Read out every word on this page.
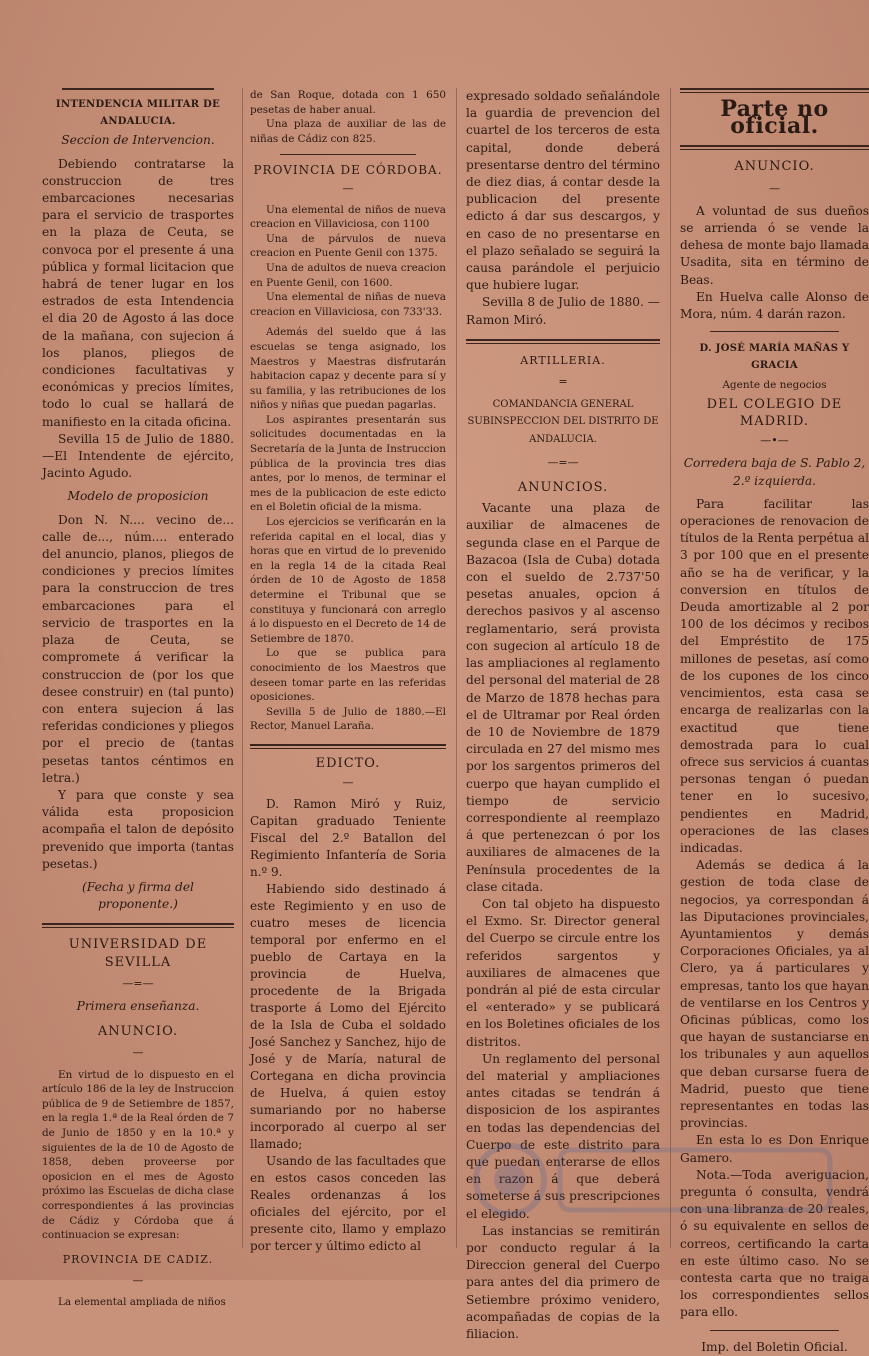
INTENDENCIA MILITAR DE ANDALUCIA.
Seccion de Intervencion.

Debiendo contratarse la construccion de tres embarcaciones necesarias para el servicio de trasportes en la plaza de Ceuta, se convoca por el presente á una pública y formal licitacion que habrá de tener lugar en los estrados de esta Intendencia el dia 20 de Agosto á las doce de la mañana, con sujecion á los planos, pliegos de condiciones facultativas y económicas y precios límites, todo lo cual se hallará de manifiesto en la citada oficina.

Sevilla 15 de Julio de 1880. —El Intendente de ejército, Jacinto Agudo.

Modelo de proposicion

Don N. N.... vecino de... calle de..., núm.... enterado del anuncio, planos, pliegos de condiciones y precios límites para la construccion de tres embarcaciones para el servicio de trasportes en la plaza de Ceuta, se compromete á verificar la construccion de (por los que desee construir) en (tal punto) con entera sujecion á las referidas condiciones y pliegos por el precio de (tantas pesetas tantos céntimos en letra.)

Y para que conste y sea válida esta proposicion acompaña el talon de depósito prevenido que importa (tantas pesetas.)

(Fecha y firma del proponente.)
UNIVERSIDAD DE SEVILLA
—=—
Primera enseñanza.
ANUNCIO.
—

En virtud de lo dispuesto en el artículo 186 de la ley de Instruccion pública de 9 de Setiembre de 1857, en la regla 1.ª de la Real órden de 7 de Junio de 1850 y en la 10.ª y siguientes de la de 10 de Agosto de 1858, deben proveerse por oposicion en el mes de Agosto próximo las Escuelas de dicha clase correspondientes á las provincias de Cádiz y Córdoba que á continuacion se expresan:

PROVINCIA DE CADIZ.
—

La elemental ampliada de niños

de San Roque, dotada con 1 650 pesetas de haber anual.

Una plaza de auxiliar de las de niñas de Cádiz con 825.

PROVINCIA DE CÓRDOBA.
—

Una elemental de niños de nueva creacion en Villaviciosa, con 1100

Una de párvulos de nueva creacion en Puente Genil con 1375.

Una de adultos de nueva creacion en Puente Genil, con 1600.

Una elemental de niñas de nueva creacion en Villaviciosa, con 733'33.

Además del sueldo que á las escuelas se tenga asignado, los Maestros y Maestras disfrutarán habitacion capaz y decente para sí y su familia, y las retribuciones de los niños y niñas que puedan pagarlas.

Los aspirantes presentarán sus solicitudes documentadas en la Secretaría de la Junta de Instruccion pública de la provincia tres dias antes, por lo menos, de terminar el mes de la publicacion de este edicto en el Boletin oficial de la misma.

Los ejercicios se verificarán en la referida capital en el local, dias y horas que en virtud de lo prevenido en la regla 14 de la citada Real órden de 10 de Agosto de 1858 determine el Tribunal que se constituya y funcionará con arreglo á lo dispuesto en el Decreto de 14 de Setiembre de 1870.

Lo que se publica para conocimiento de los Maestros que deseen tomar parte en las referidas oposiciones.

Sevilla 5 de Julio de 1880.—El Rector, Manuel Laraña.

EDICTO.
—

D. Ramon Miró y Ruiz, Capitan graduado Teniente Fiscal del 2.º Batallon del Regimiento Infantería de Soria n.º 9.

Habiendo sido destinado á este Regimiento y en uso de cuatro meses de licencia temporal por enfermo en el pueblo de Cartaya en la provincia de Huelva, procedente de la Brigada trasporte á Lomo del Ejército de la Isla de Cuba el soldado José Sanchez y Sanchez, hijo de José y de María, natural de Cortegana en dicha provincia de Huelva, á quien estoy sumariando por no haberse incorporado al cuerpo al ser llamado;

Usando de las facultades que en estos casos conceden las Reales ordenanzas á los oficiales del ejército, por el presente cito, llamo y emplazo por tercer y último edicto al

expresado soldado señalándole la guardia de prevencion del cuartel de los terceros de esta capital, donde deberá presentarse dentro del término de diez dias, á contar desde la publicacion del presente edicto á dar sus descargos, y en caso de no presentarse en el plazo señalado se seguirá la causa parándole el perjuicio que hubiere lugar.

Sevilla 8 de Julio de 1880. —Ramon Miró.

ARTILLERIA.
=
COMANDANCIA GENERAL SUBINSPECCION DEL DISTRITO DE ANDALUCIA.
—=—
ANUNCIOS.

Vacante una plaza de auxiliar de almacenes de segunda clase en el Parque de Bazacoa (Isla de Cuba) dotada con el sueldo de 2.737'50 pesetas anuales, opcion á derechos pasivos y al ascenso reglamentario, será provista con sugecion al artículo 18 de las ampliaciones al reglamento del personal del material de 28 de Marzo de 1878 hechas para el de Ultramar por Real órden de 10 de Noviembre de 1879 circulada en 27 del mismo mes por los sargentos primeros del cuerpo que hayan cumplido el tiempo de servicio correspondiente al reemplazo á que pertenezcan ó por los auxiliares de almacenes de la Península procedentes de la clase citada.

Con tal objeto ha dispuesto el Exmo. Sr. Director general del Cuerpo se circule entre los referidos sargentos y auxiliares de almacenes que pondrán al pié de esta circular el «enterado» y se publicará en los Boletines oficiales de los distritos.

Un reglamento del personal del material y ampliaciones antes citadas se tendrán á disposicion de los aspirantes en todas las dependencias del Cuerpo de este distrito para que puedan enterarse de ellos en razon á que deberá someterse á sus prescripciones el elegido.

Las instancias se remitirán por conducto regular á la Direccion general del Cuerpo para antes del dia primero de Setiembre próximo venidero, acompañadas de copias de la filiacion.

Parte no oficial.
ANUNCIO.
—

A voluntad de sus dueños se arrienda ó se vende la dehesa de monte bajo llamada Usadita, sita en término de Beas.

En Huelva calle Alonso de Mora, núm. 4 darán razon.

D. JOSÉ MARÍA MAÑAS Y GRACIA
Agente de negocios
DEL COLEGIO DE MADRID.
—•—
Corredera baja de S. Pablo 2, 2.º izquierda.

Para facilitar las operaciones de renovacion de títulos de la Renta perpétua al 3 por 100 que en el presente año se ha de verificar, y la conversion en títulos de Deuda amortizable al 2 por 100 de los décimos y recibos del Empréstito de 175 millones de pesetas, así como de los cupones de los cinco vencimientos, esta casa se encarga de realizarlas con la exactitud que tiene demostrada para lo cual ofrece sus servicios á cuantas personas tengan ó puedan tener en lo sucesivo, pendientes en Madrid, operaciones de las clases indicadas.

Además se dedica á la gestion de toda clase de negocios, ya correspondan á las Diputaciones provinciales, Ayuntamientos y demás Corporaciones Oficiales, ya al Clero, ya á particulares y empresas, tanto los que hayan de ventilarse en los Centros y Oficinas públicas, como los que hayan de sustanciarse en los tribunales y aun aquellos que deban cursarse fuera de Madrid, puesto que tiene representantes en todas las provincias.

En esta lo es Don Enrique Gamero.

Nota.—Toda averiguacion, pregunta ó consulta, vendrá con una libranza de 20 reales, ó su equivalente en sellos de correos, certificando la carta en este último caso. No se contesta carta que no traiga los correspondientes sellos para ello.

Imp. del Boletin Oficial.
